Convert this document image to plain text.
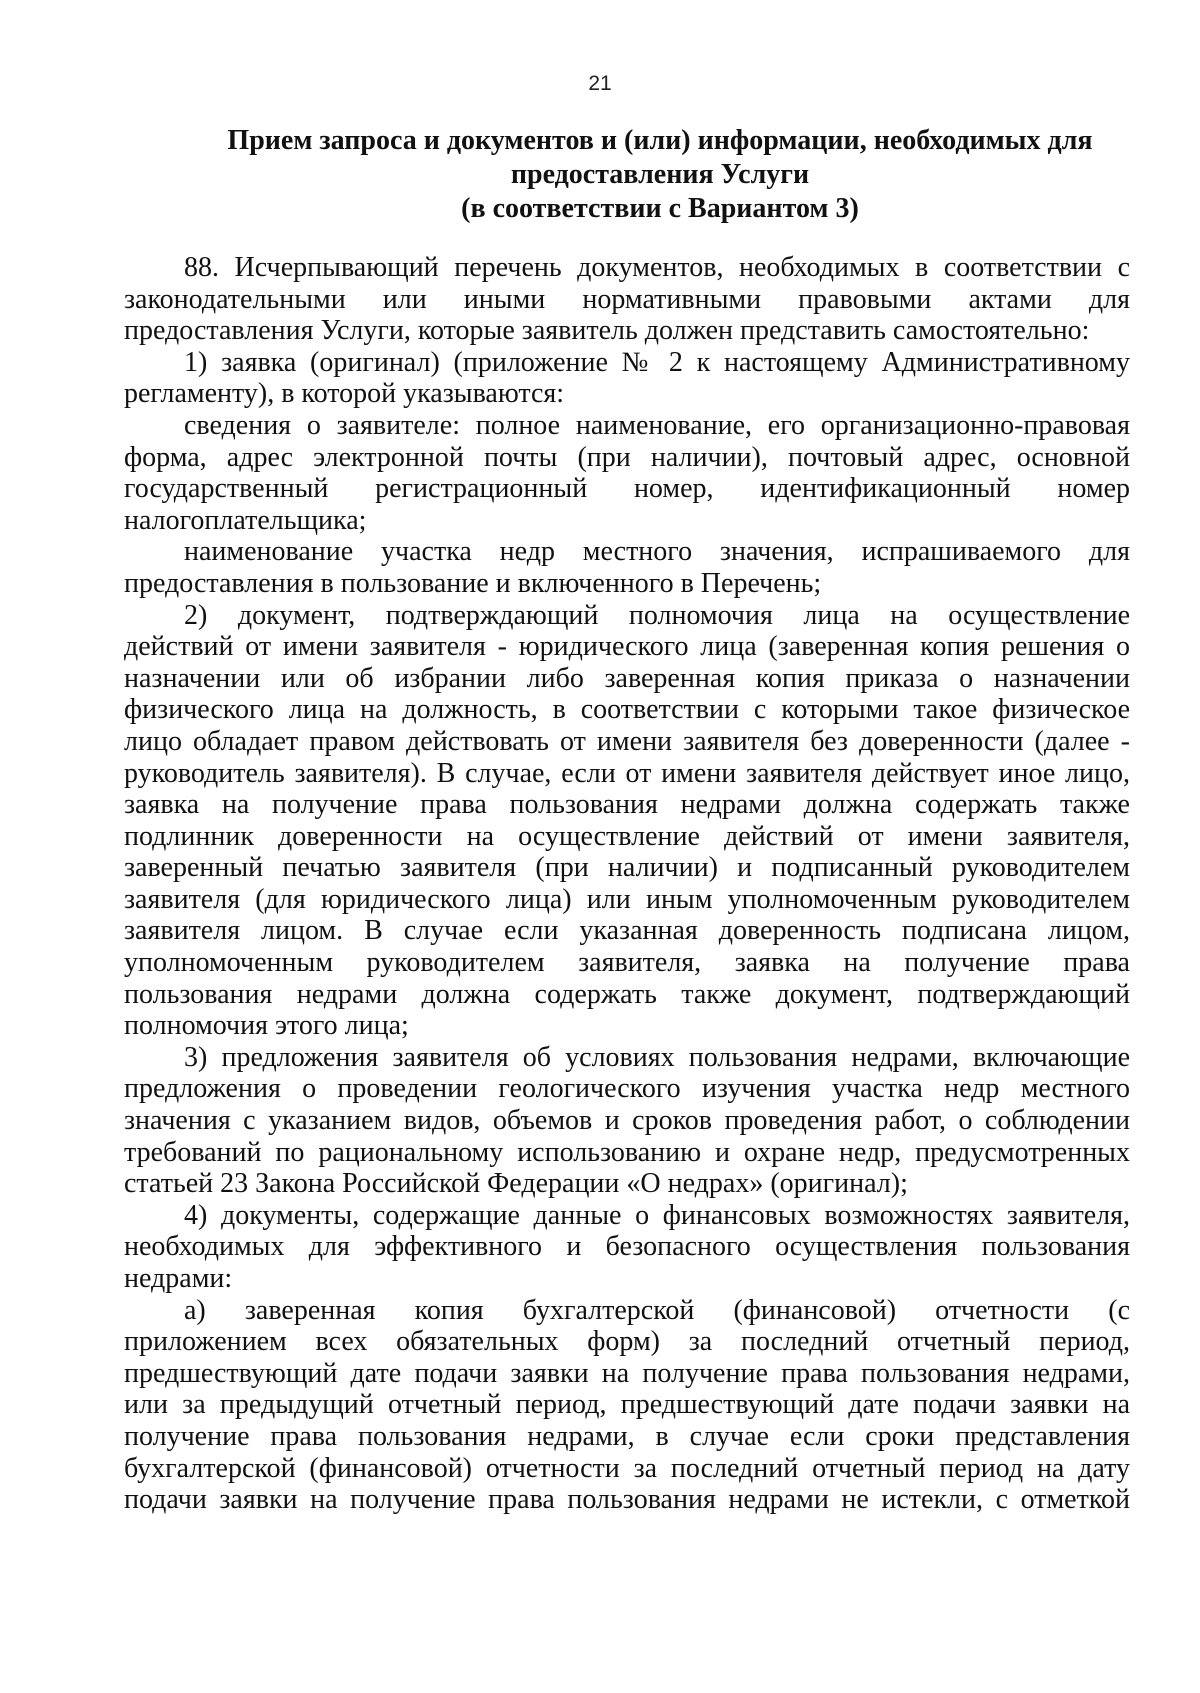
21
Прием запроса и документов и (или) информации, необходимых для
предоставления Услуги
(в соответствии с Вариантом 3)
88. Исчерпывающий перечень документов, необходимых в соответствии с
законодательными или иными нормативными правовыми актами для
предоставления Услуги, которые заявитель должен представить самостоятельно:
1) заявка (оригинал) (приложение № 2 к настоящему Административному
регламенту), в которой указываются:
сведения о заявителе: полное наименование, его организационно-правовая
форма, адрес электронной почты (при наличии), почтовый адрес, основной
государственный регистрационный номер, идентификационный номер
налогоплательщика;
наименование участка недр местного значения, испрашиваемого для
предоставления в пользование и включенного в Перечень;
2) документ, подтверждающий полномочия лица на осуществление
действий от имени заявителя - юридического лица (заверенная копия решения о
назначении или об избрании либо заверенная копия приказа о назначении
физического лица на должность, в соответствии с которыми такое физическое
лицо обладает правом действовать от имени заявителя без доверенности (далее -
руководитель заявителя). В случае, если от имени заявителя действует иное лицо,
заявка на получение права пользования недрами должна содержать также
подлинник доверенности на осуществление действий от имени заявителя,
заверенный печатью заявителя (при наличии) и подписанный руководителем
заявителя (для юридического лица) или иным уполномоченным руководителем
заявителя лицом. В случае если указанная доверенность подписана лицом,
уполномоченным руководителем заявителя, заявка на получение права
пользования недрами должна содержать также документ, подтверждающий
полномочия этого лица;
3) предложения заявителя об условиях пользования недрами, включающие
предложения о проведении геологического изучения участка недр местного
значения с указанием видов, объемов и сроков проведения работ, о соблюдении
требований по рациональному использованию и охране недр, предусмотренных
статьей 23 Закона Российской Федерации «О недрах» (оригинал);
4) документы, содержащие данные о финансовых возможностях заявителя,
необходимых для эффективного и безопасного осуществления пользования
недрами:
а) заверенная копия бухгалтерской (финансовой) отчетности (с
приложением всех обязательных форм) за последний отчетный период,
предшествующий дате подачи заявки на получение права пользования недрами,
или за предыдущий отчетный период, предшествующий дате подачи заявки на
получение права пользования недрами, в случае если сроки представления
бухгалтерской (финансовой) отчетности за последний отчетный период на дату
подачи заявки на получение права пользования недрами не истекли, с отметкой
